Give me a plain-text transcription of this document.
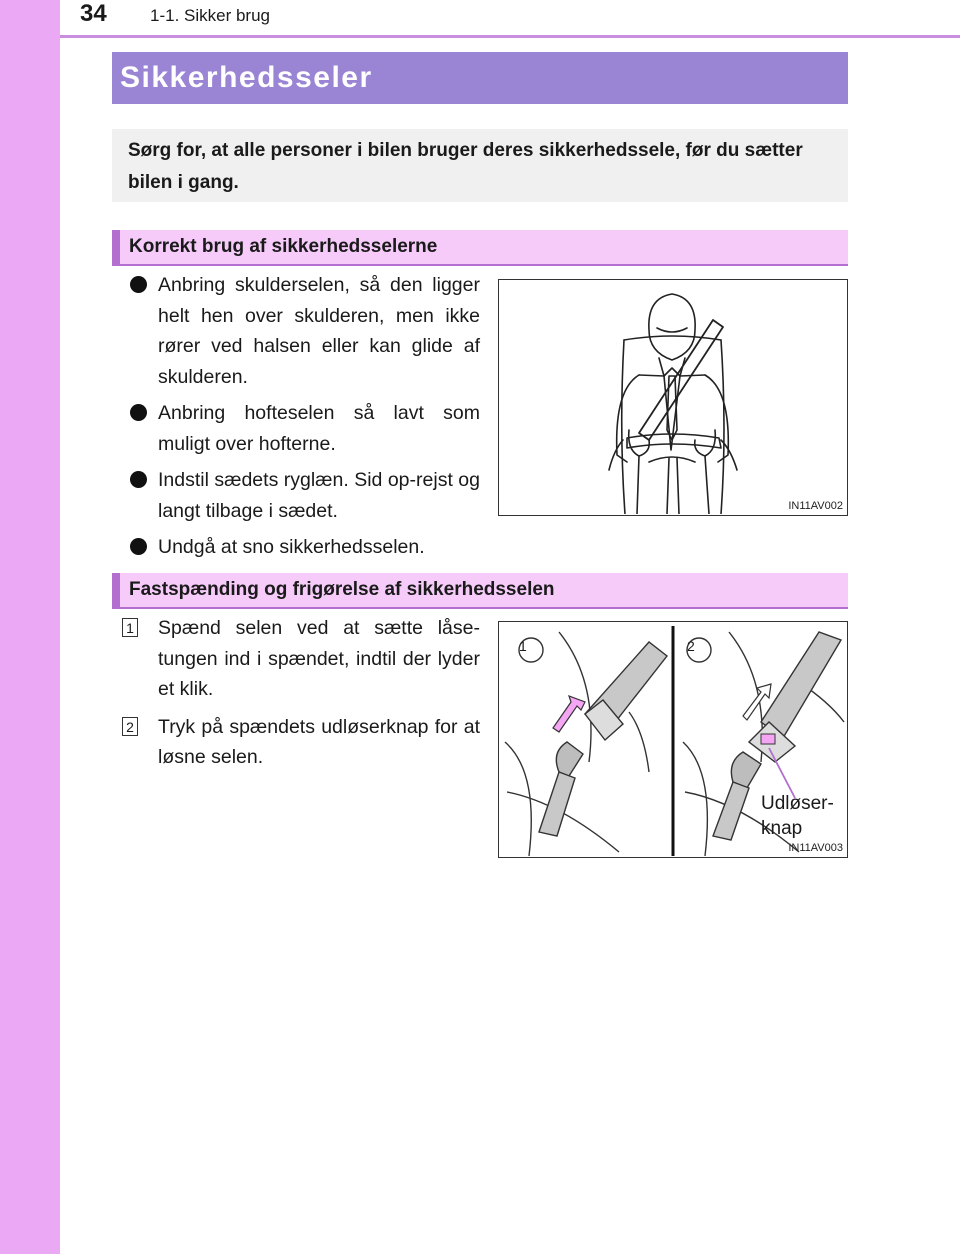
34	1-1. Sikker brug
Sikkerhedsseler
Sørg for, at alle personer i bilen bruger deres sikkerhedssele, før du sætter bilen i gang.
Korrekt brug af sikkerhedsselerne
Anbring skulderselen, så den ligger helt hen over skulderen, men ikke rører ved halsen eller kan glide af skulderen.
Anbring hofteselen så lavt som muligt over hofterne.
Indstil sædets ryglæn. Sid op-rejst og langt tilbage i sædet.
Undgå at sno sikkerhedsselen.
IN11AV002
Fastspænding og frigørelse af sikkerhedsselen
1 Spænd selen ved at sætte låse-tungen ind i spændet, indtil der lyder et klik.
2 Tryk på spændets udløserknap for at løsne selen.
1	2
Udløser-
knap
IN11AV003
